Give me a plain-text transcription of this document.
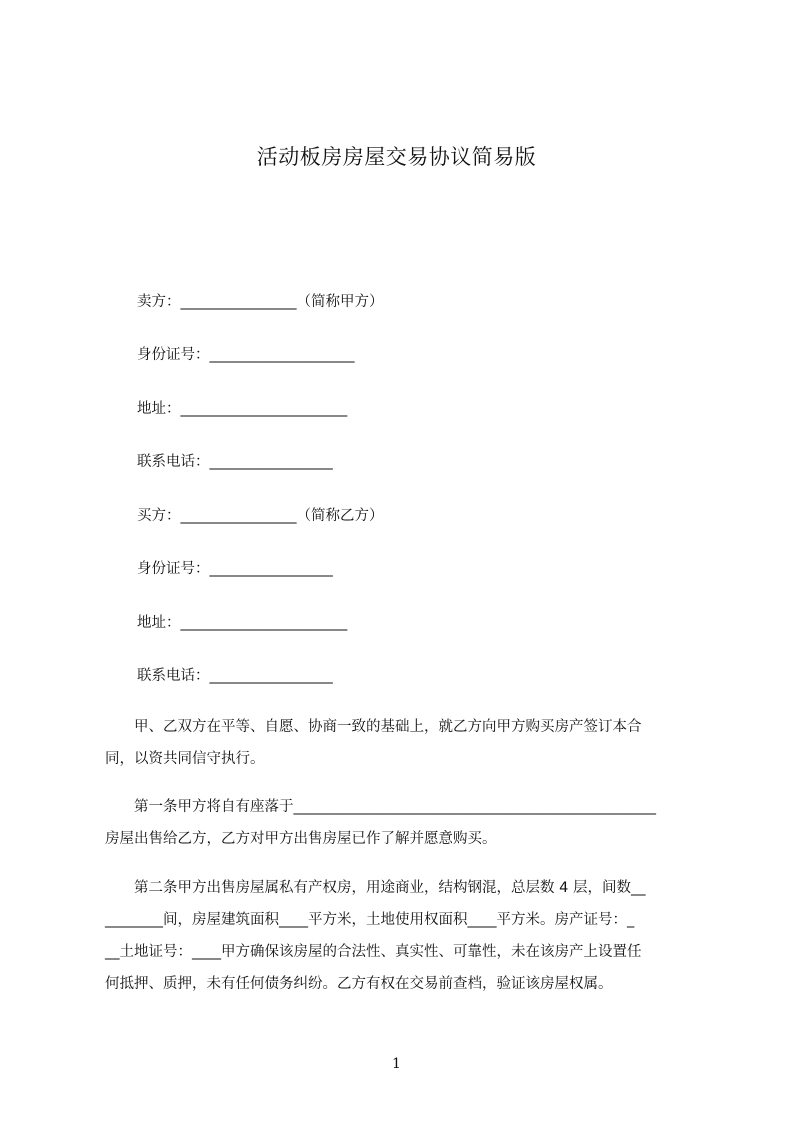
活动板房房屋交易协议简易版
卖方：________________（简称甲方）
身份证号：____________________
地址：_______________________
联系电话：_________________
买方：________________（简称乙方）
身份证号：_________________
地址：_______________________
联系电话：_________________
　　甲、乙双方在平等、自愿、协商一致的基础上，就乙方向甲方购买房产签订本合
同，以资共同信守执行。
　　第一条甲方将自有座落于__________________________________________________
房屋出售给乙方，乙方对甲方出售房屋已作了解并愿意购买。
　　第二条甲方出售房屋属私有产权房，用途商业，结构钢混，总层数 4 层，间数__
________间，房屋建筑面积____平方米，土地使用权面积____平方米。房产证号：_
__土地证号：____甲方确保该房屋的合法性、真实性、可靠性，未在该房产上设置任
何抵押、质押，未有任何债务纠纷。乙方有权在交易前查档，验证该房屋权属。
1
